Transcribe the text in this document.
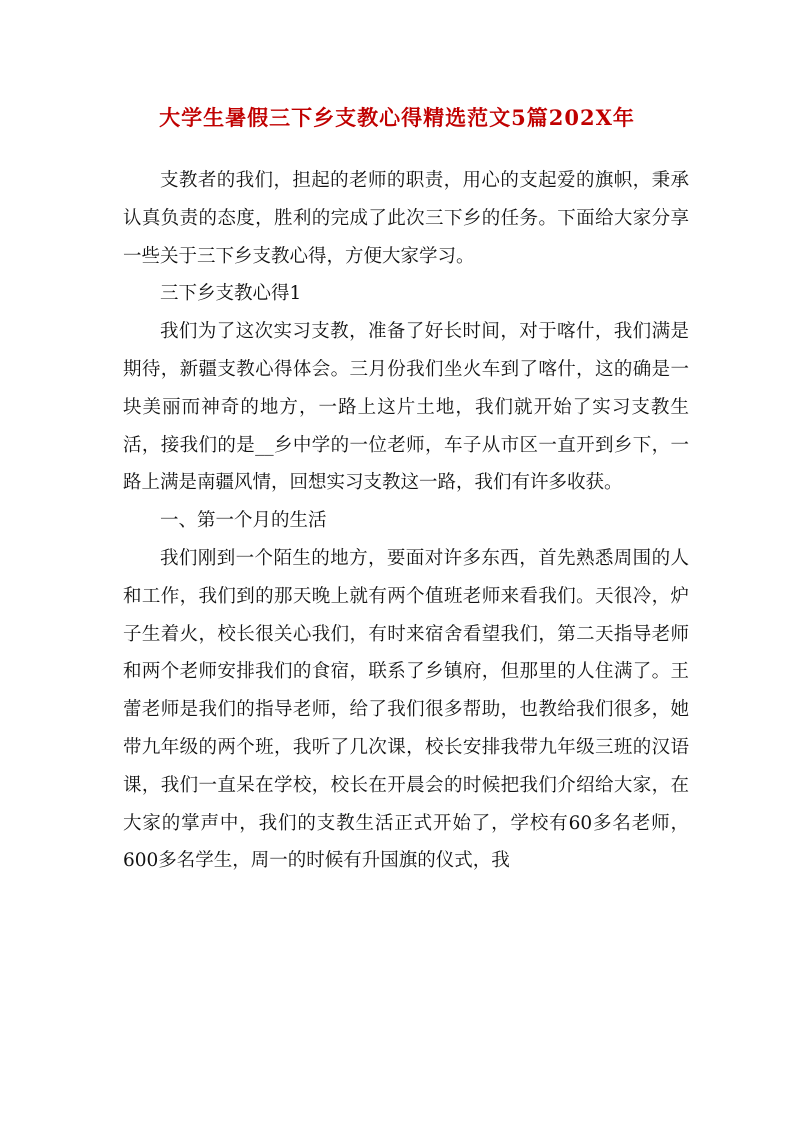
大学生暑假三下乡支教心得精选范文5篇202X年

支教者的我们，担起的老师的职责，用心的支起爱的旗帜，秉承认真负责的态度，胜利的完成了此次三下乡的任务。下面给大家分享一些关于三下乡支教心得，方便大家学习。

三下乡支教心得1

我们为了这次实习支教，准备了好长时间，对于喀什，我们满是期待，新疆支教心得体会。三月份我们坐火车到了喀什，这的确是一块美丽而神奇的地方，一路上这片土地，我们就开始了实习支教生活，接我们的是__乡中学的一位老师，车子从市区一直开到乡下，一路上满是南疆风情，回想实习支教这一路，我们有许多收获。

一、第一个月的生活

我们刚到一个陌生的地方，要面对许多东西，首先熟悉周围的人和工作，我们到的那天晚上就有两个值班老师来看我们。天很冷，炉子生着火，校长很关心我们，有时来宿舍看望我们，第二天指导老师和两个老师安排我们的食宿，联系了乡镇府，但那里的人住满了。王蕾老师是我们的指导老师，给了我们很多帮助，也教给我们很多，她带九年级的两个班，我听了几次课，校长安排我带九年级三班的汉语课，我们一直呆在学校，校长在开晨会的时候把我们介绍给大家，在大家的掌声中，我们的支教生活正式开始了，学校有60多名老师，600多名学生，周一的时候有升国旗的仪式，我
